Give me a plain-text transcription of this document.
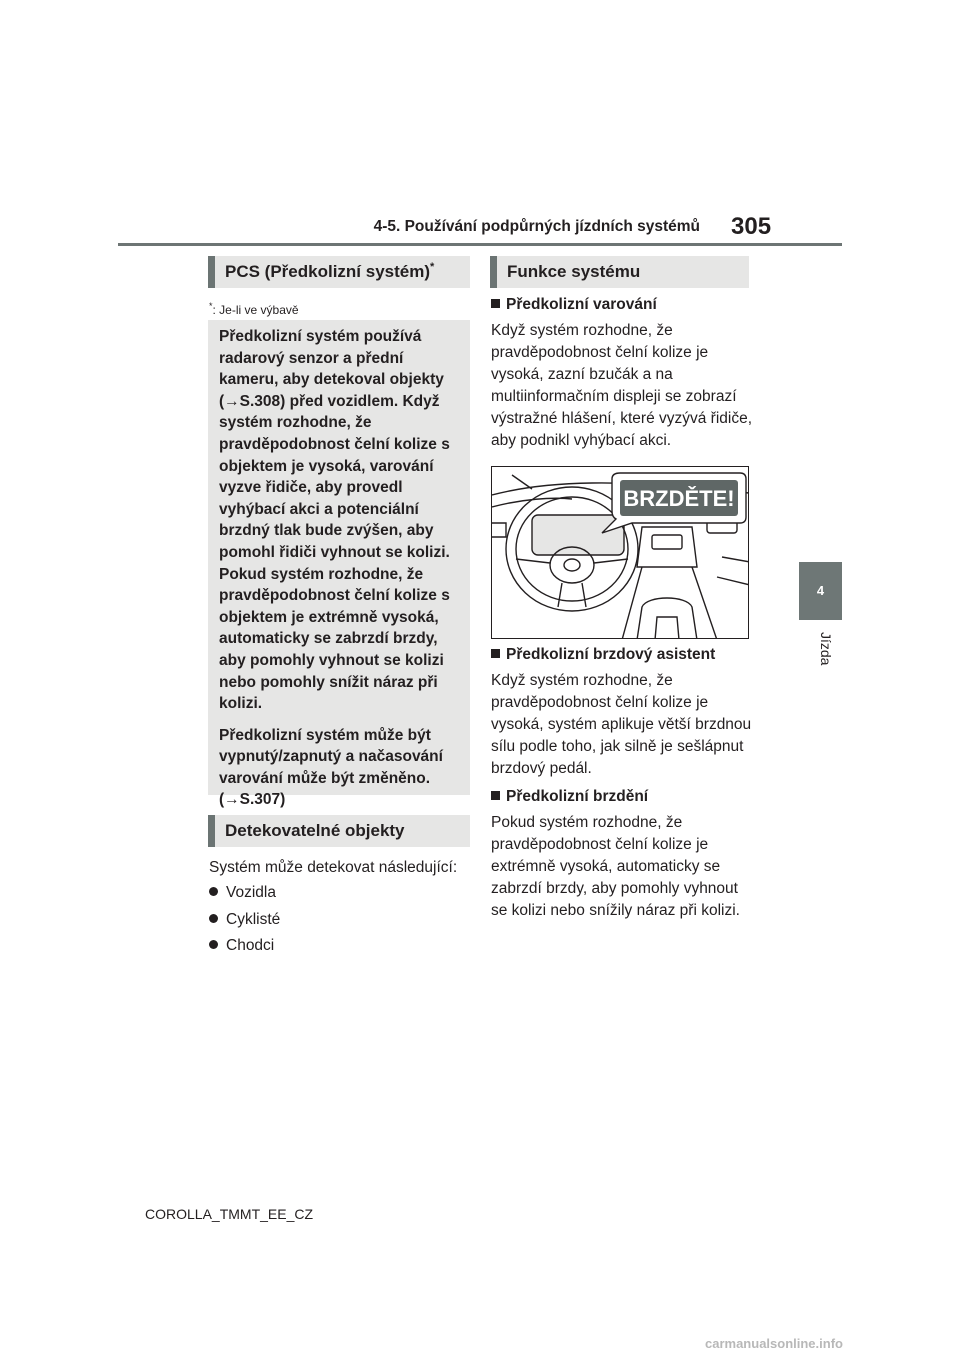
4-5. Používání podpůrných jízdních systémů 305
4
Jízda
PCS (Předkolizní systém)*
*: Je-li ve výbavě

Předkolizní systém používá radarový senzor a přední kameru, aby detekoval objekty (→S.308) před vozidlem. Když systém rozhodne, že pravděpodobnost čelní kolize s objektem je vysoká, varování vyzve řidiče, aby provedl vyhýbací akci a potenciální brzdný tlak bude zvýšen, aby pomohl řidiči vyhnout se kolizi. Pokud systém rozhodne, že pravděpodobnost čelní kolize s objektem je extrémně vysoká, automaticky se zabrzdí brzdy, aby pomohly vyhnout se kolizi nebo pomohly snížit náraz při kolizi.

Předkolizní systém může být vypnutý/zapnutý a načasování varování může být změněno. (→S.307)

Detekovatelné objekty
Systém může detekovat následující:
Vozidla
Cyklisté
Chodci
Funkce systému
Předkolizní varování
Když systém rozhodne, že pravděpodobnost čelní kolize je vysoká, zazní bzučák a na multiinformačním displeji se zobrazí výstražné hlášení, které vyzývá řidiče, aby podnikl vyhýbací akci.
BRZDĚTE!
Předkolizní brzdový asistent
Když systém rozhodne, že pravděpodobnost čelní kolize je vysoká, systém aplikuje větší brzdnou sílu podle toho, jak silně je sešlápnut brzdový pedál.
Předkolizní brzdění
Pokud systém rozhodne, že pravděpodobnost čelní kolize je extrémně vysoká, automaticky se zabrzdí brzdy, aby pomohly vyhnout se kolizi nebo snížily náraz při kolizi.
COROLLA_TMMT_EE_CZ
carmanualsonline.info
